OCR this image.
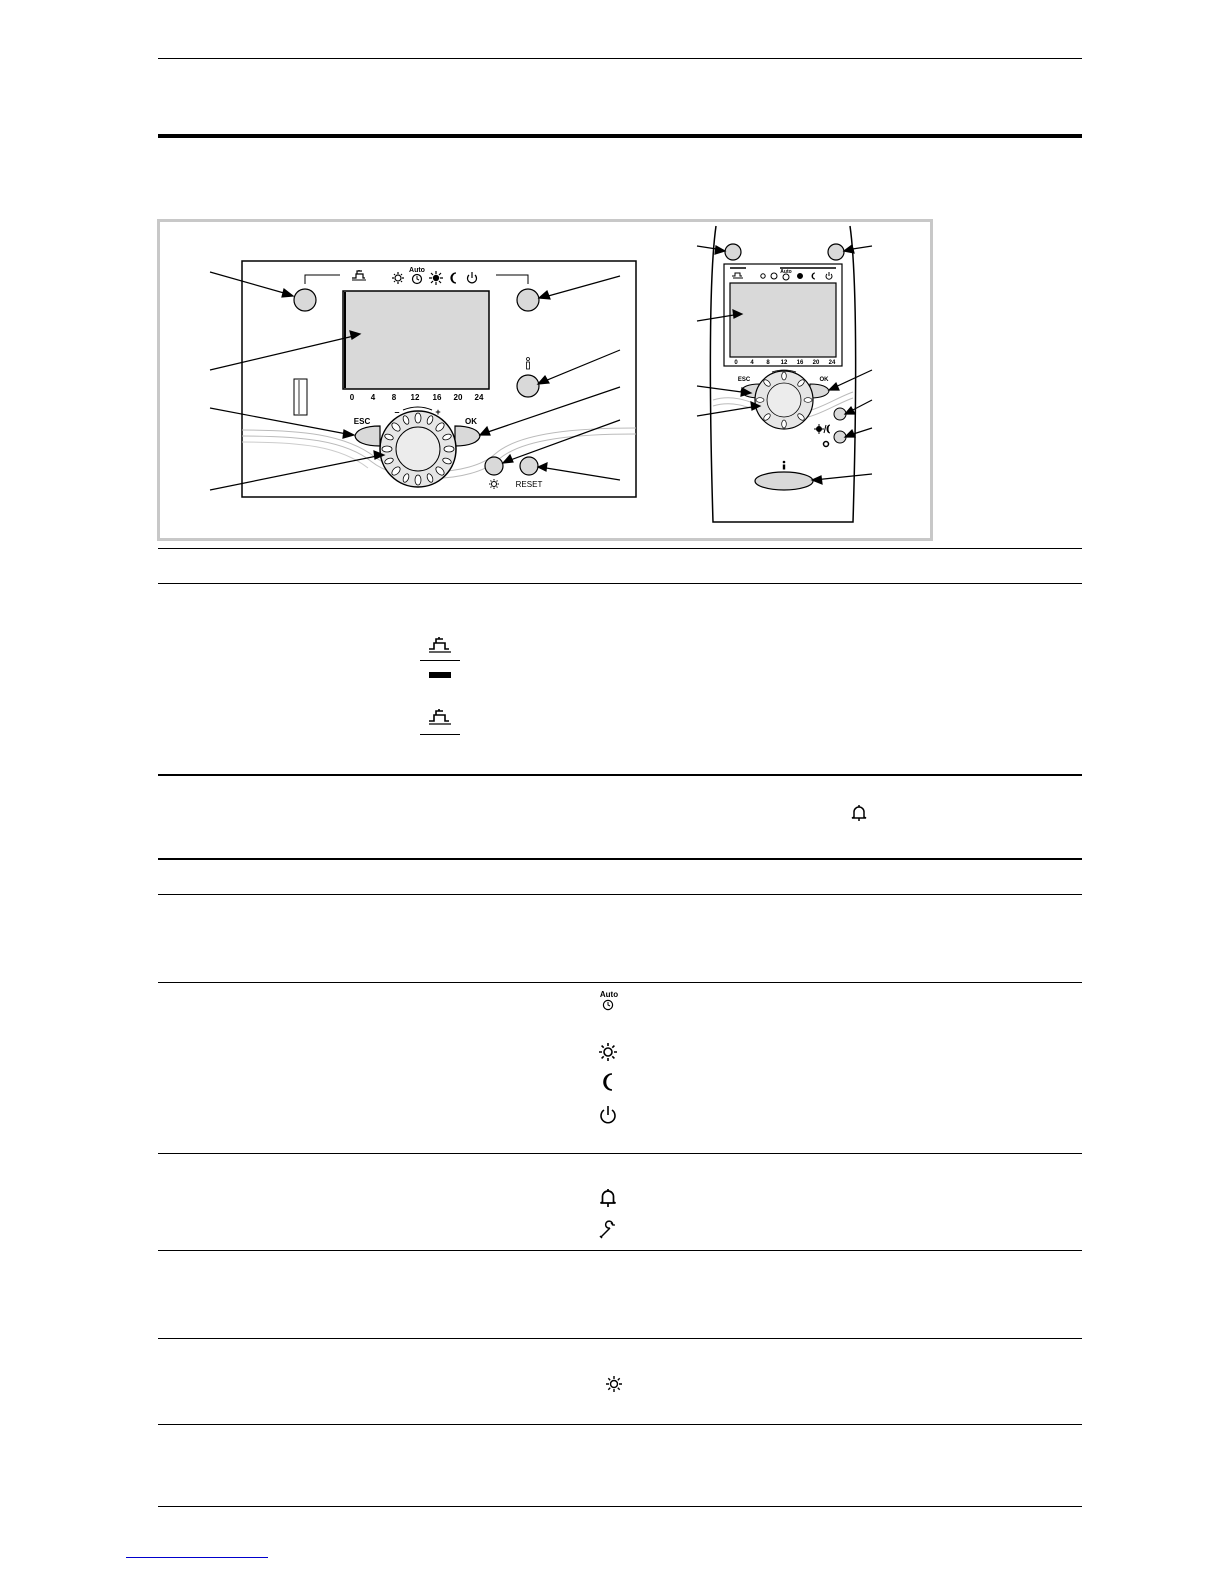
Auto
0 4 8 12 16 20 24
ESC	OK
–	+
RESET
Auto
0 4 8 12 16 20 24
ESC	OK
Auto
